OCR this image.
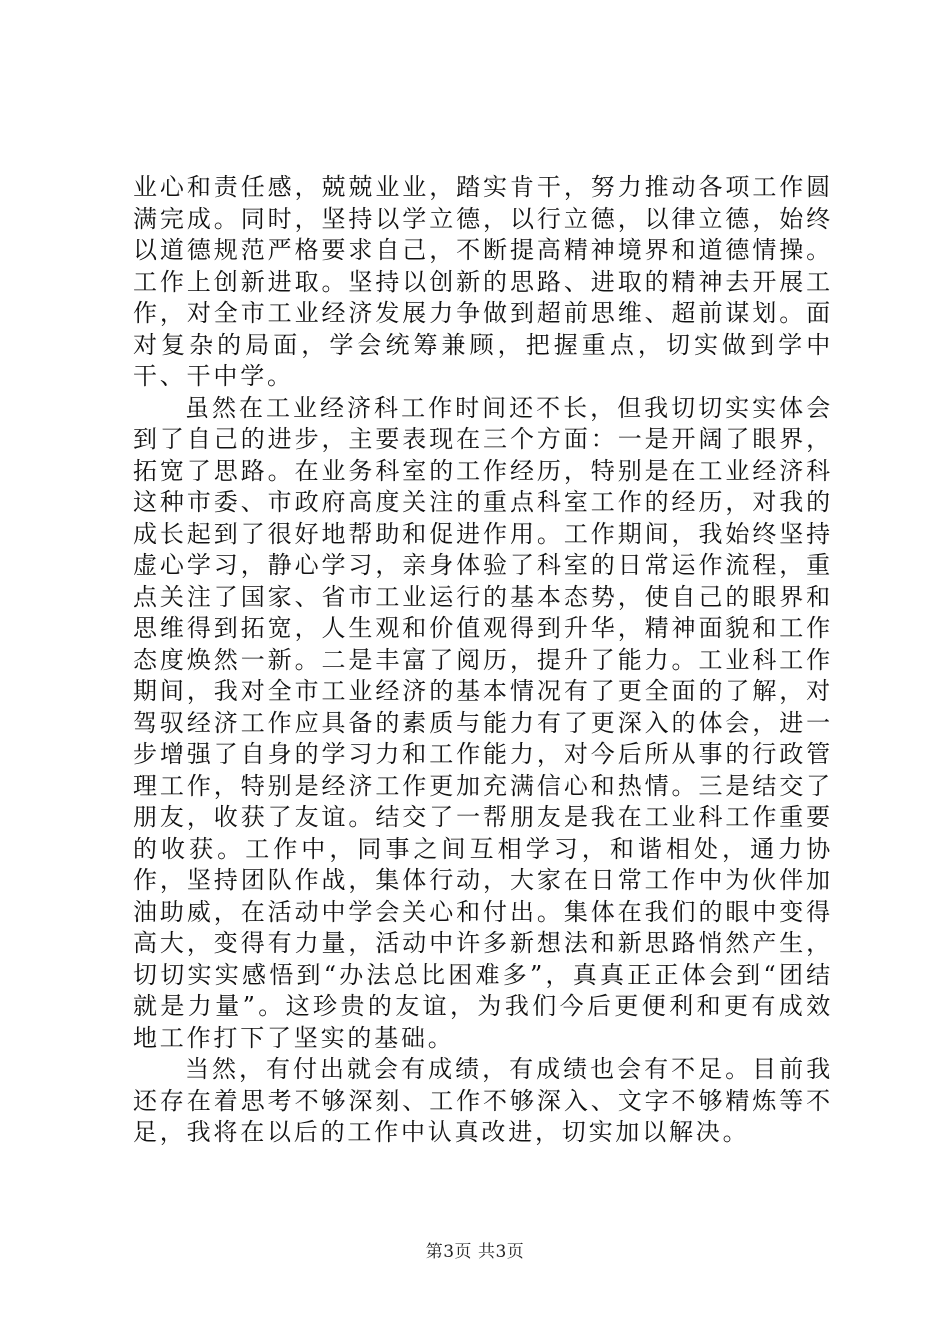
业心和责任感，兢兢业业，踏实肯干，努力推动各项工作圆满完成。同时，坚持以学立德，以行立德，以律立德，始终以道德规范严格要求自己，不断提高精神境界和道德情操。工作上创新进取。坚持以创新的思路、进取的精神去开展工作，对全市工业经济发展力争做到超前思维、超前谋划。面对复杂的局面，学会统筹兼顾，把握重点，切实做到学中干、干中学。

虽然在工业经济科工作时间还不长，但我切切实实体会到了自己的进步，主要表现在三个方面：一是开阔了眼界，拓宽了思路。在业务科室的工作经历，特别是在工业经济科这种市委、市政府高度关注的重点科室工作的经历，对我的成长起到了很好地帮助和促进作用。工作期间，我始终坚持虚心学习，静心学习，亲身体验了科室的日常运作流程，重点关注了国家、省市工业运行的基本态势，使自己的眼界和思维得到拓宽，人生观和价值观得到升华，精神面貌和工作态度焕然一新。二是丰富了阅历，提升了能力。工业科工作期间，我对全市工业经济的基本情况有了更全面的了解，对驾驭经济工作应具备的素质与能力有了更深入的体会，进一步增强了自身的学习力和工作能力，对今后所从事的行政管理工作，特别是经济工作更加充满信心和热情。三是结交了朋友，收获了友谊。结交了一帮朋友是我在工业科工作重要的收获。工作中，同事之间互相学习，和谐相处，通力协作，坚持团队作战，集体行动，大家在日常工作中为伙伴加油助威，在活动中学会关心和付出。集体在我们的眼中变得高大，变得有力量，活动中许多新想法和新思路悄然产生，切切实实感悟到“办法总比困难多”，真真正正体会到“团结就是力量”。这珍贵的友谊，为我们今后更便利和更有成效地工作打下了坚实的基础。

当然，有付出就会有成绩，有成绩也会有不足。目前我还存在着思考不够深刻、工作不够深入、文字不够精炼等不足，我将在以后的工作中认真改进，切实加以解决。

第3页 共3页
